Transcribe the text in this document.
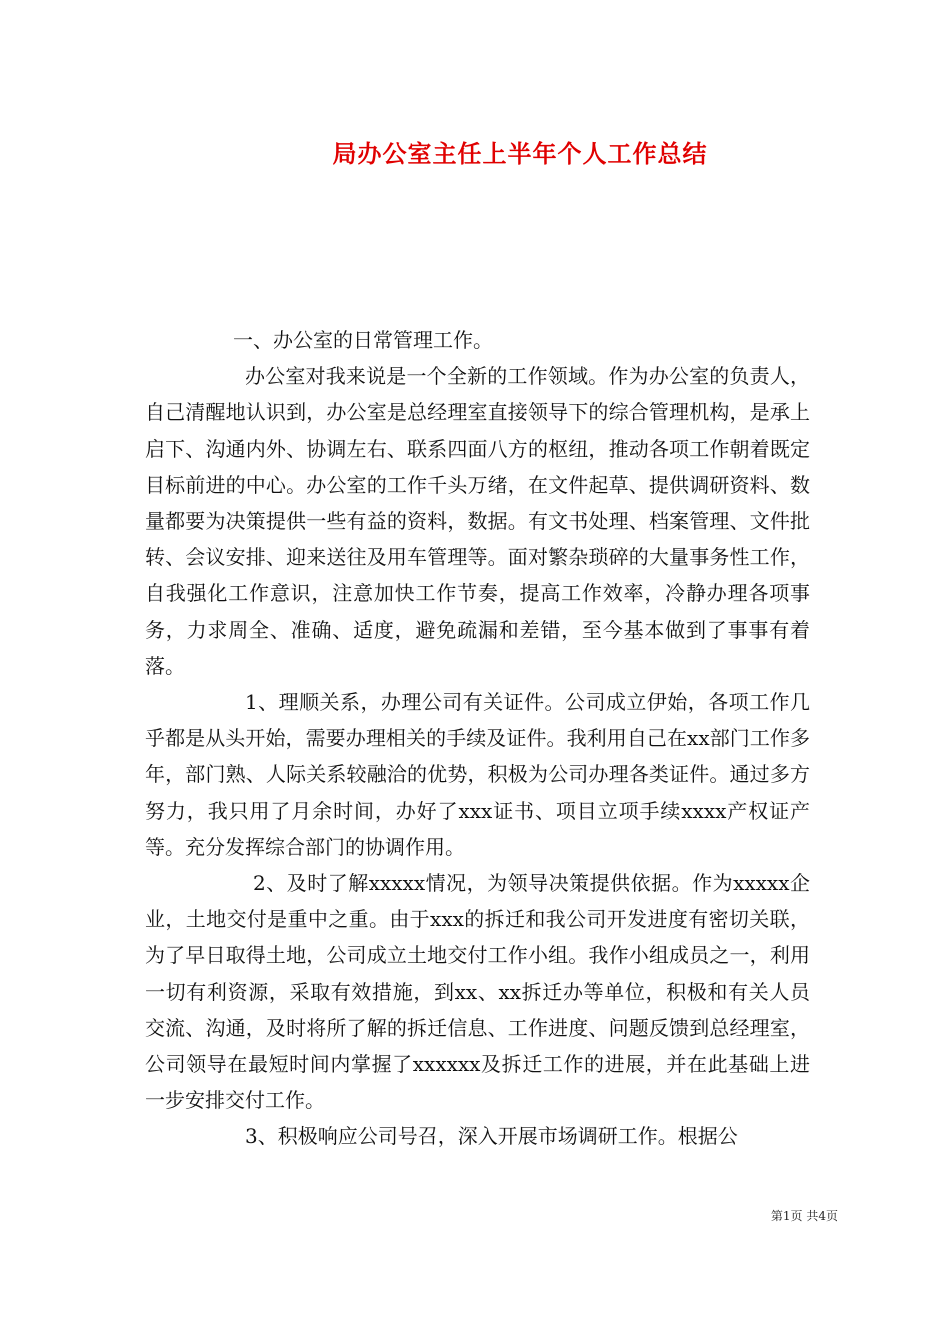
局办公室主任上半年个人工作总结

一、办公室的日常管理工作。

办公室对我来说是一个全新的工作领域。作为办公室的负责人，自己清醒地认识到，办公室是总经理室直接领导下的综合管理机构，是承上启下、沟通内外、协调左右、联系四面八方的枢纽，推动各项工作朝着既定目标前进的中心。办公室的工作千头万绪，在文件起草、提供调研资料、数量都要为决策提供一些有益的资料，数据。有文书处理、档案管理、文件批转、会议安排、迎来送往及用车管理等。面对繁杂琐碎的大量事务性工作，自我强化工作意识，注意加快工作节奏，提高工作效率，冷静办理各项事务，力求周全、准确、适度，避免疏漏和差错，至今基本做到了事事有着落。

1、理顺关系，办理公司有关证件。公司成立伊始，各项工作几乎都是从头开始，需要办理相关的手续及证件。我利用自己在xx部门工作多年，部门熟、人际关系较融洽的优势，积极为公司办理各类证件。通过多方努力，我只用了月余时间，办好了xxx证书、项目立项手续xxxx产权证产等。充分发挥综合部门的协调作用。

2、及时了解xxxxx情况，为领导决策提供依据。作为xxxxx企业，土地交付是重中之重。由于xxx的拆迁和我公司开发进度有密切关联，为了早日取得土地，公司成立土地交付工作小组。我作小组成员之一，利用一切有利资源，采取有效措施，到xx、xx拆迁办等单位，积极和有关人员交流、沟通，及时将所了解的拆迁信息、工作进度、问题反馈到总经理室，公司领导在最短时间内掌握了xxxxxx及拆迁工作的进展，并在此基础上进一步安排交付工作。

3、积极响应公司号召，深入开展市场调研工作。根据公

第1页 共4页
